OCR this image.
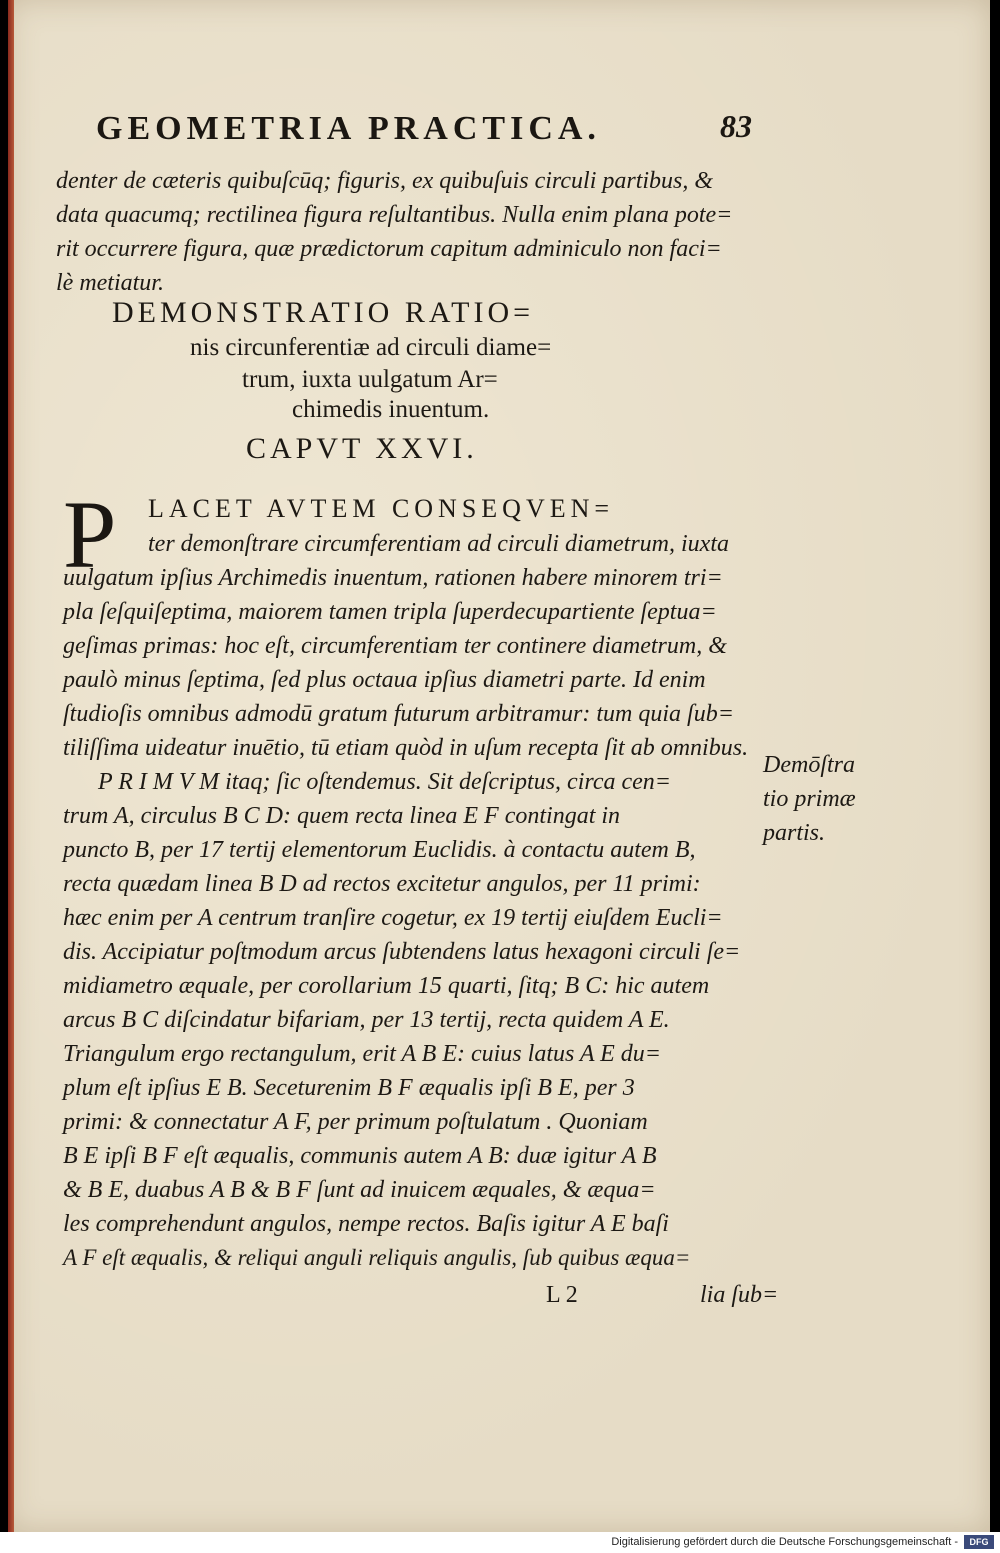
GEOMETRIA PRACTICA.	83
denter de cæteris quibuſcūq; figuris, ex quibuſuis circuli partibus, &
data quacumq; rectilinea figura reſultantibus. Nulla enim plana pote=
rit occurrere figura, quæ prædictorum capitum adminiculo non faci=
lè metiatur.
DEMONSTRATIO RATIO=
nis circunferentiæ ad circuli diame=
trum, iuxta uulgatum Ar=
chimedis inuentum.
CAPVT XXVI.
P LACET AVTEM CONSEQVEN=
ter demonſtrare circumferentiam ad circuli diametrum, iuxta
uulgatum ipſius Archimedis inuentum, rationen habere minorem tri=
pla ſeſquiſeptima, maiorem tamen tripla ſuperdecupartiente ſeptua=
geſimas primas: hoc eſt, circumferentiam ter continere diametrum, &
paulò minus ſeptima, ſed plus octaua ipſius diametri parte. Id enim
ſtudioſis omnibus admodū gratum futurum arbitramur: tum quia ſub=
tiliſſima uideatur inuētio, tū etiam quòd in uſum recepta ſit ab omnibus.
P R I M V M itaq; ſic oſtendemus. Sit deſcriptus, circa cen=
trum A, circulus B C D: quem recta linea E F contingat in
puncto B, per 17 tertij elementorum Euclidis. à contactu autem B,
recta quædam linea B D ad rectos excitetur angulos, per 11 primi:
hæc enim per A centrum tranſire cogetur, ex 19 tertij eiuſdem Eucli=
dis. Accipiatur poſtmodum arcus ſubtendens latus hexagoni circuli ſe=
midiametro æquale, per corollarium 15 quarti, ſitq; B C: hic autem
arcus B C diſcindatur bifariam, per 13 tertij, recta quidem A E.
Triangulum ergo rectangulum, erit A B E: cuius latus A E du=
plum eſt ipſius E B. Seceturenim B F æqualis ipſi B E, per 3
primi: & connectatur A F, per primum poſtulatum . Quoniam
B E ipſi B F eſt æqualis, communis autem A B: duæ igitur A B
& B E, duabus A B & B F ſunt ad inuicem æquales, & æqua=
les comprehendunt angulos, nempe rectos. Baſis igitur A E baſi
A F eſt æqualis, & reliqui anguli reliquis angulis, ſub quibus æqua=
Demōſtra
tio primæ
partis.
L 2	lia ſub=
Digitalisierung gefördert durch die Deutsche Forschungsgemeinschaft -	DFG
